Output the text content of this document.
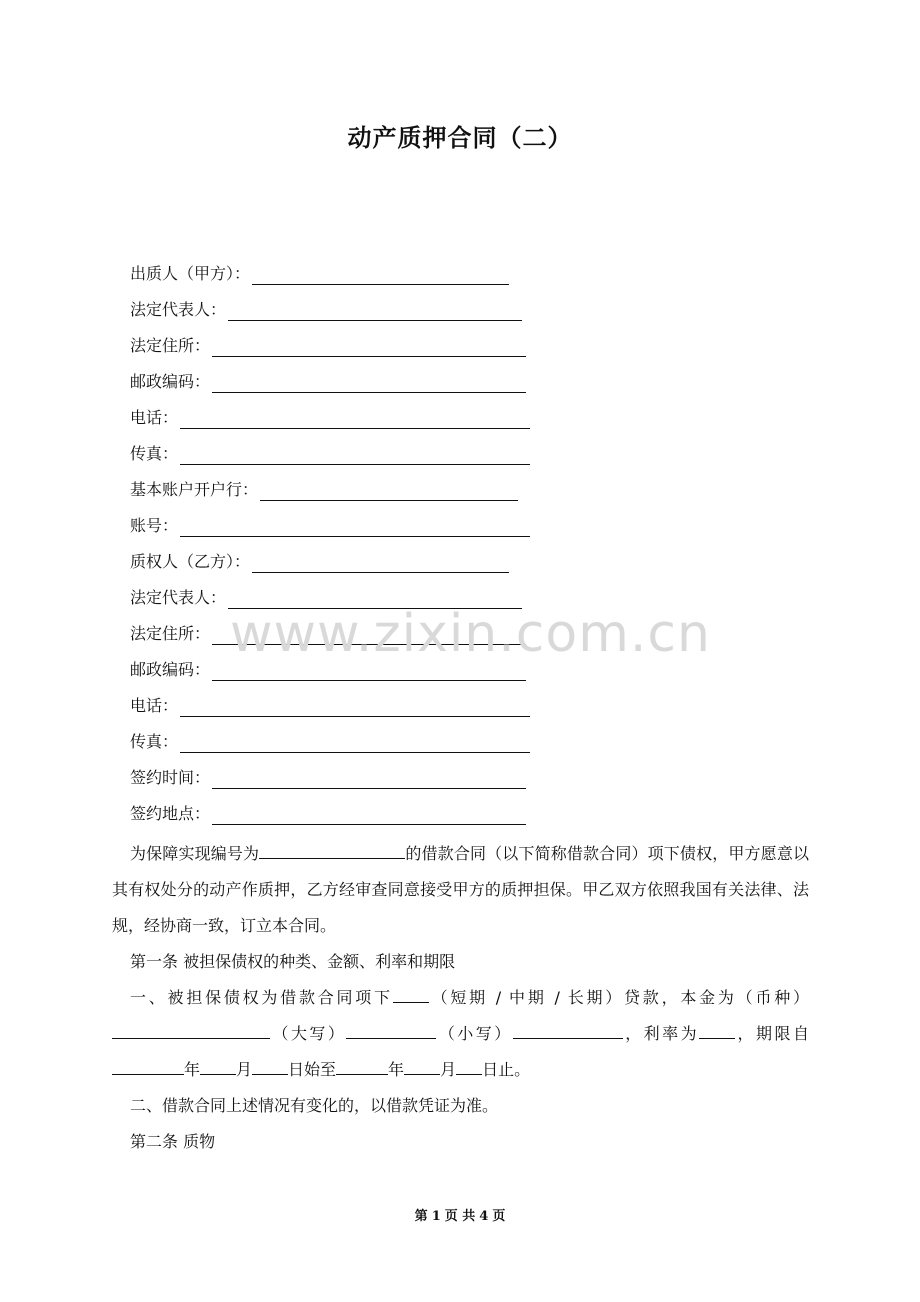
动产质押合同（二）
出质人（甲方）：
法定代表人：
法定住所：
邮政编码：
电话：
传真：
基本账户开户行：
账号：
质权人（乙方）：
法定代表人：
法定住所：
邮政编码：
电话：
传真：
签约时间：
签约地点：

为保障实现编号为	的借款合同（以下简称借款合同）项下债权，甲方愿意以其有权处分的动产作质押，乙方经审查同意接受甲方的质押担保。甲乙双方依照我国有关法律、法规，经协商一致，订立本合同。

第一条 被担保债权的种类、金额、利率和期限

一、被担保债权为借款合同项下 （短期 / 中期 / 长期）贷款，本金为（币种）（大写）	（小写）	，利率为 ，期限自年 月 日始至	年 月 日止。

二、借款合同上述情况有变化的，以借款凭证为准。

第二条 质物

www.zixin.com.cn
第 1 页 共 4 页
